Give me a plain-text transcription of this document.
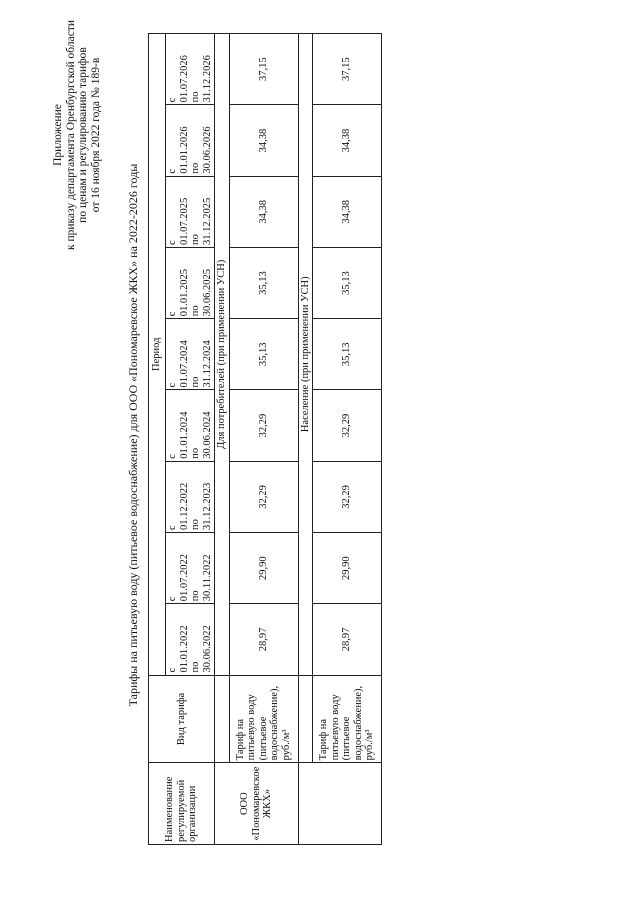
Приложение к приказу департамента Оренбургской области по ценам и регулированию тарифов от 16 ноября 2022 года № 189-в
Тарифы на питьевую воду (питьевое водоснабжение) для ООО «Пономаревское ЖКХ» на 2022-2026 годы
Наименование регулируемой организации	Вид тарифа	Период								

		с 01.01.2022 по 30.06.2022	с 01.07.2022 по 30.11.2022	с 01.12.2022 по 31.12.2023	с 01.01.2024 по 30.06.2024	с 01.07.2024 по 31.12.2024	с 01.01.2025 по 30.06.2025	с 01.07.2025 по 31.12.2025	с 01.01.2026 по 30.06.2026	с 01.07.2026 по 31.12.2026

ООО «Пономаревское ЖКХ»		Для потребителей (при применении УСН)								
	Тариф на питьевую воду (питьевое водоснабжение), руб./м³	28,97	29,90	32,29	32,29	35,13	35,13	34,38	34,38	37,15
		Население (при применении УСН)								
	Тариф на питьевую воду (питьевое водоснабжение), руб./м³	28,97	29,90	32,29	32,29	35,13	35,13	34,38	34,38	37,15
